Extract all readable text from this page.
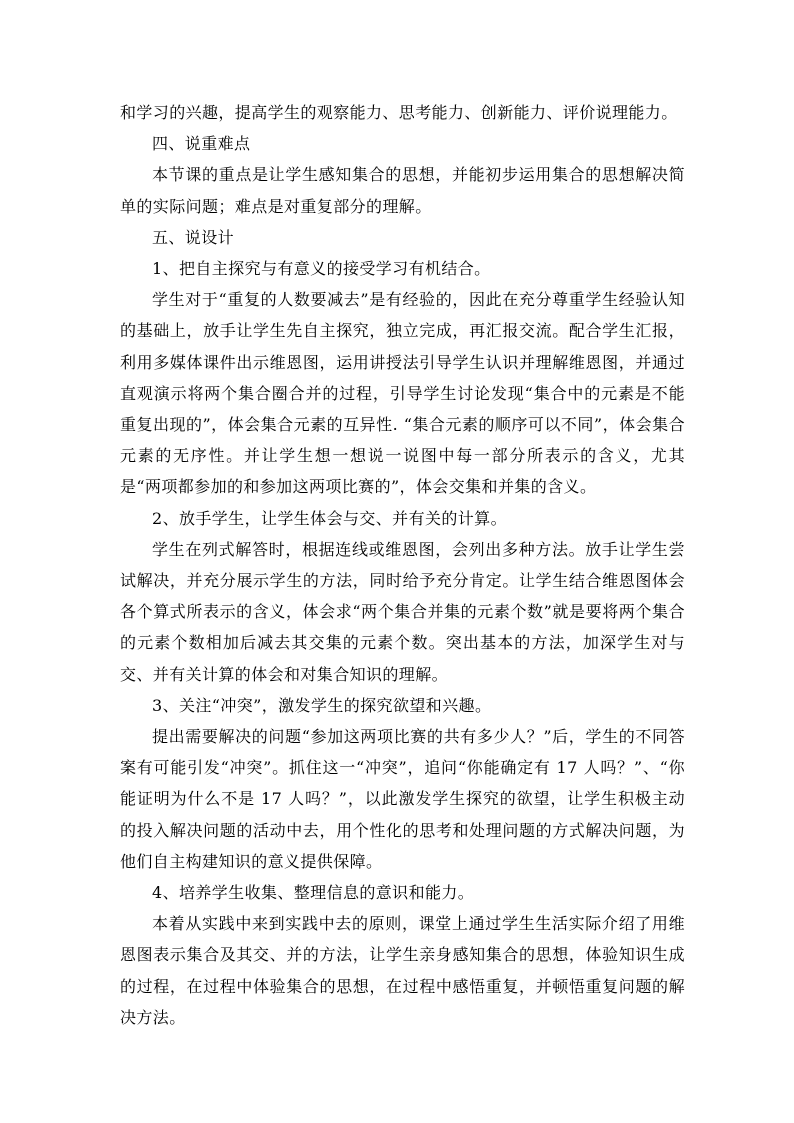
和学习的兴趣，提高学生的观察能力、思考能力、创新能力、评价说理能力。

四、说重难点

本节课的重点是让学生感知集合的思想，并能初步运用集合的思想解决简单的实际问题；难点是对重复部分的理解。

五、说设计

1、把自主探究与有意义的接受学习有机结合。

学生对于“重复的人数要减去”是有经验的，因此在充分尊重学生经验认知的基础上，放手让学生先自主探究，独立完成，再汇报交流。配合学生汇报，利用多媒体课件出示维恩图，运用讲授法引导学生认识并理解维恩图，并通过直观演示将两个集合圈合并的过程，引导学生讨论发现“集合中的元素是不能重复出现的”，体会集合元素的互异性. “集合元素的顺序可以不同”，体会集合元素的无序性。并让学生想一想说一说图中每一部分所表示的含义，尤其是“两项都参加的和参加这两项比赛的”，体会交集和并集的含义。

2、放手学生，让学生体会与交、并有关的计算。

学生在列式解答时，根据连线或维恩图，会列出多种方法。放手让学生尝试解决，并充分展示学生的方法，同时给予充分肯定。让学生结合维恩图体会各个算式所表示的含义，体会求“两个集合并集的元素个数”就是要将两个集合的元素个数相加后减去其交集的元素个数。突出基本的方法，加深学生对与交、并有关计算的体会和对集合知识的理解。

3、关注“冲突”，激发学生的探究欲望和兴趣。

提出需要解决的问题“参加这两项比赛的共有多少人？”后，学生的不同答案有可能引发“冲突”。抓住这一“冲突”，追问“你能确定有 17 人吗？”、“你能证明为什么不是 17 人吗？”，以此激发学生探究的欲望，让学生积极主动的投入解决问题的活动中去，用个性化的思考和处理问题的方式解决问题，为他们自主构建知识的意义提供保障。

4、培养学生收集、整理信息的意识和能力。

本着从实践中来到实践中去的原则，课堂上通过学生生活实际介绍了用维恩图表示集合及其交、并的方法，让学生亲身感知集合的思想，体验知识生成的过程，在过程中体验集合的思想，在过程中感悟重复，并顿悟重复问题的解决方法。
